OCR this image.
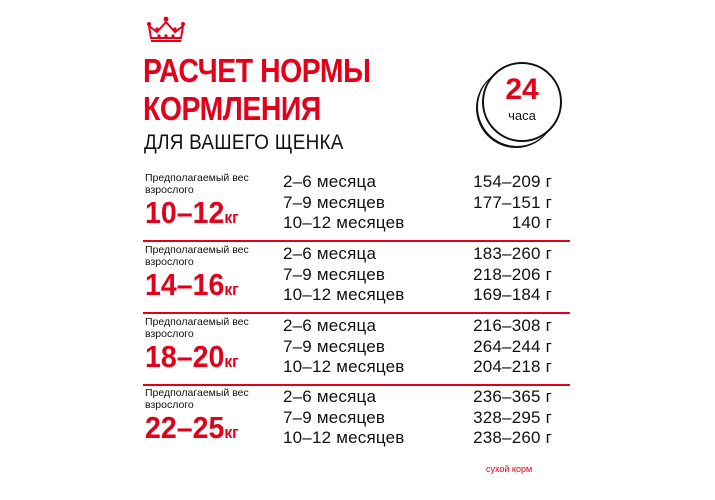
РАСЧЕТ НОРМЫ
КОРМЛЕНИЯ
ДЛЯ ВАШЕГО ЩЕНКА
24
часа
Предполагаемый вес взрослого
10–12кг
2–6 месяца
7–9 месяцев
10–12 месяцев
154–209 г
177–151 г
140 г
Предполагаемый вес взрослого
14–16кг
2–6 месяца
7–9 месяцев
10–12 месяцев
183–260 г
218–206 г
169–184 г
Предполагаемый вес взрослого
18–20кг
2–6 месяца
7–9 месяцев
10–12 месяцев
216–308 г
264–244 г
204–218 г
Предполагаемый вес взрослого
22–25кг
2–6 месяца
7–9 месяцев
10–12 месяцев
236–365 г
328–295 г
238–260 г
сухой корм
